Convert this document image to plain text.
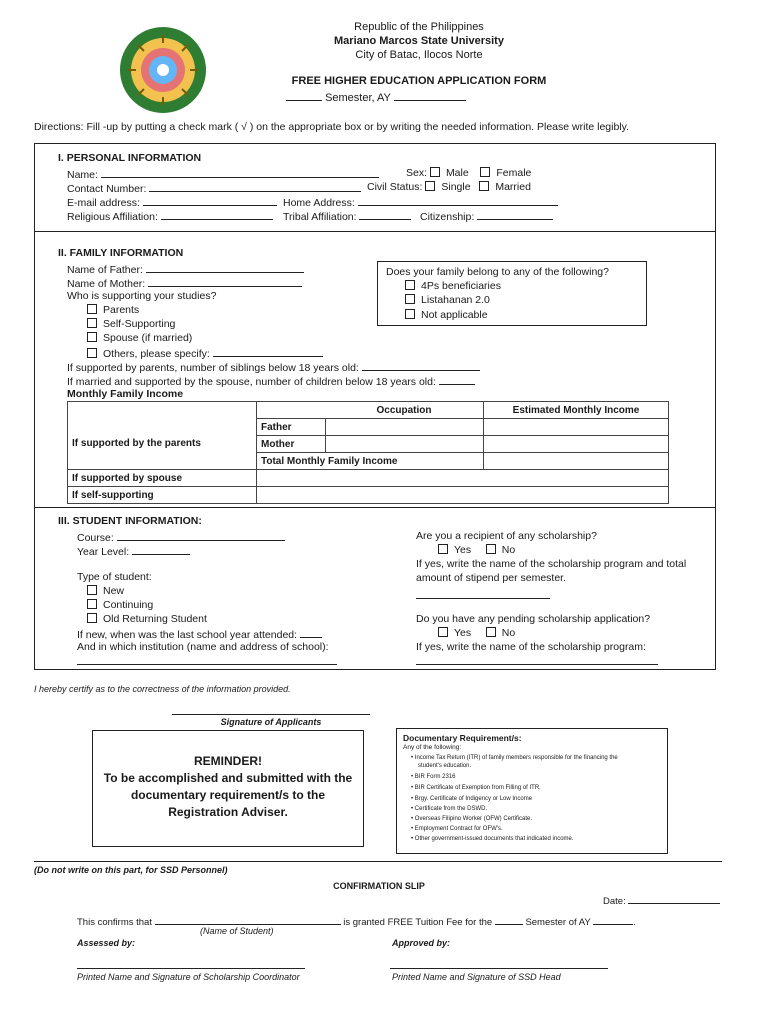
Republic of the Philippines
Mariano Marcos State University
City of Batac, Ilocos Norte
FREE HIGHER EDUCATION APPLICATION FORM
Semester, AY
Directions: Fill -up by putting a check mark ( √ ) on the appropriate box or by writing the needed information. Please write legibly.
I. PERSONAL INFORMATION
Name:	Sex: Male	Female
Contact Number:	Civil Status: Single Married
E-mail address:	Home Address:
Religious Affiliation:	Tribal Affiliation:	Citizenship:
II. FAMILY INFORMATION
Name of Father:
Name of Mother:
Who is supporting your studies?
Parents
Self-Supporting
Spouse (if married)
Others, please specify:
Does your family belong to any of the following?
4Ps beneficiaries
Listahanan 2.0
Not applicable
If supported by parents, number of siblings below 18 years old:
If married and supported by the spouse, number of children below 18 years old:
Monthly Family Income
		Occupation	Estimated Monthly Income
If supported by the parents	Father		
	Mother		
	Total Monthly Family Income		
If supported by spouse			
If self-supporting			
III. STUDENT INFORMATION:
Course:
Year Level:
Type of student:
New
Continuing
Old Returning Student
If new, when was the last school year attended:
And in which institution (name and address of school):
Are you a recipient of any scholarship?
Yes	No
If yes, write the name of the scholarship program and total
amount of stipend per semester.
Do you have any pending scholarship application?
Yes	No
If yes, write the name of the scholarship program:
I hereby certify as to the correctness of the information provided.
Signature of Applicants
REMINDER!
To be accomplished and submitted with the
documentary requirement/s to the
Registration Adviser.
Documentary Requirement/s:
Any of the following:
• Income Tax Return (ITR) of family members responsible for the financing the
student's education.
• BIR Form 2316
• BIR Certificate of Exemption from Filling of ITR.
• Brgy. Certificate of Indigency or Low Income
• Certificate from the DSWD.
• Overseas Filipino Worker (OFW) Certificate.
• Employment Contract for OFW's.
• Other government-issued documents that indicated income.
(Do not write on this part, for SSD Personnel)
CONFIRMATION SLIP
Date:
This confirms that	is granted FREE Tuition Fee for the	Semester of AY	.
(Name of Student)
Assessed by:	Approved by:
Printed Name and Signature of Scholarship Coordinator	Printed Name and Signature of SSD Head
